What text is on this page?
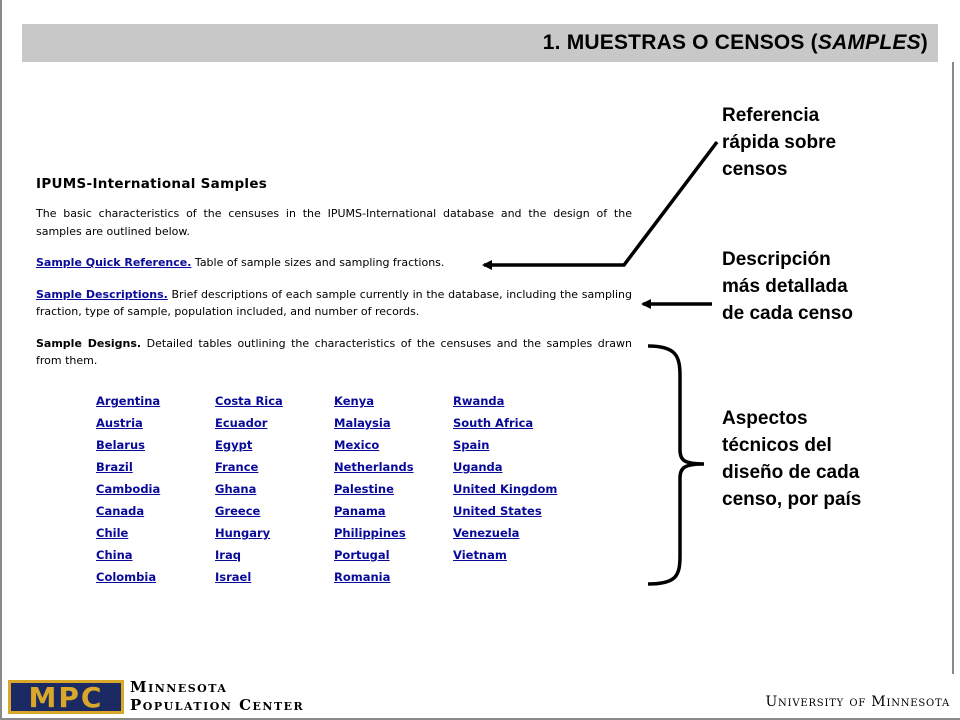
1. MUESTRAS O CENSOS (SAMPLES)
IPUMS-International Samples

The basic characteristics of the censuses in the IPUMS-International database and the design of the samples are outlined below.

Sample Quick Reference. Table of sample sizes and sampling fractions.

Sample Descriptions. Brief descriptions of each sample currently in the database, including the sampling fraction, type of sample, population included, and number of records.

Sample Designs. Detailed tables outlining the characteristics of the censuses and the samples drawn from them.

Argentina
Austria
Belarus
Brazil
Cambodia
Canada
Chile
China
Colombia
Costa Rica
Ecuador
Egypt
France
Ghana
Greece
Hungary
Iraq
Israel
Kenya
Malaysia
Mexico
Netherlands
Palestine
Panama
Philippines
Portugal
Romania
Rwanda
South Africa
Spain
Uganda
United Kingdom
United States
Venezuela
Vietnam
Referencia
rápida sobre
censos
Descripción
más detallada
de cada censo
Aspectos
técnicos del
diseño de cada
censo, por país
MPC Minnesota
Population Center	University of Minnesota
